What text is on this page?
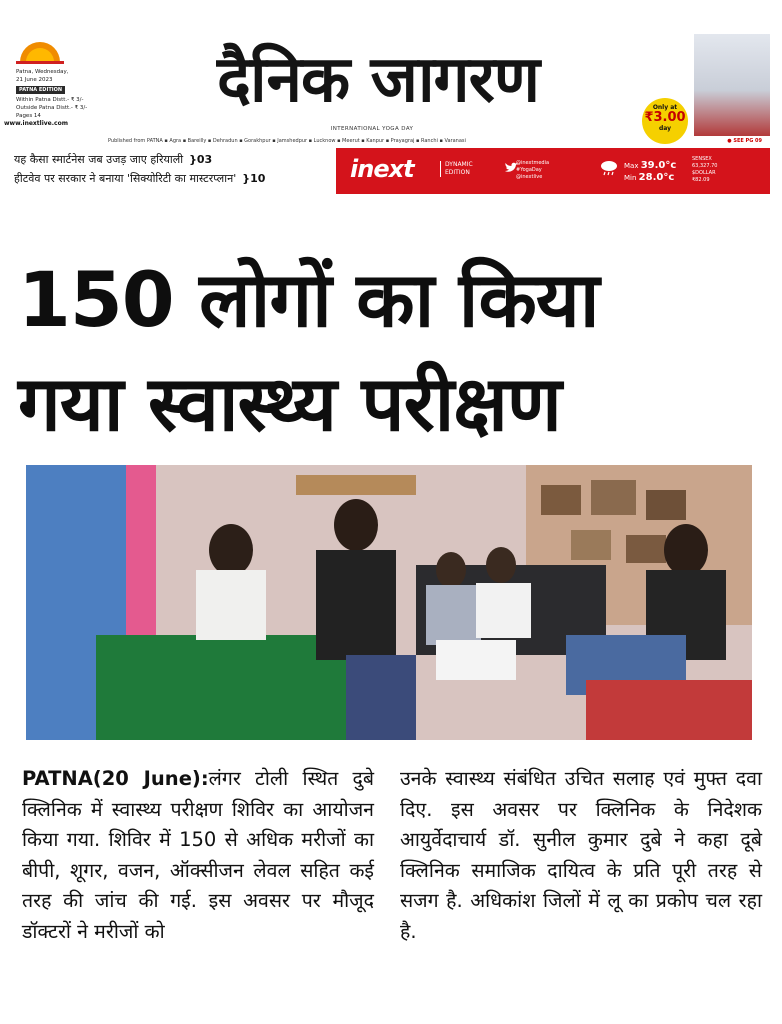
Patna, Wednesday,
21 June 2023
PATNA EDITION
Within Patna Distt.- ₹ 3/-
Outside Patna Distt.- ₹ 3/-
Pages 14	दैनिक जागरण
INTERNATIONAL YOGA DAY
Only at
₹3.00
day
www.inextlive.com
Published from PATNA ▪ Agra ▪ Bareilly ▪ Dehradun ▪ Gorakhpur ▪ Jamshedpur ▪ Lucknow ▪ Meerut ▪ Kanpur ▪ Prayagraj ▪ Ranchi ▪ Varanasi	● SEE PG 09
यह कैसा स्मार्टनेस जब उजड़ जाए हरियाली }03
हीटवेव पर सरकार ने बनाया 'सिक्योरिटी का मास्टरप्लान' }10	inext	DYNAMIC
EDITION
@inextmedia
#YogaDay
@inextlive
Max 39.0°c
Min 28.0°c
SENSEX
63,327.70
$DOLLAR
₹82.09
150 लोगों का किया
गया स्वास्थ्य परीक्षण
PATNA(20 June):लंगर टोली स्थित दुबे क्लिनिक में स्वास्थ्य परीक्षण शिविर का आयोजन किया गया. शिविर में 150 से अधिक मरीजों का बीपी, शूगर, वजन, ऑक्सीजन लेवल सहित कई तरह की जांच की गई. इस अवसर पर मौजूद डॉक्टरों ने मरीजों को
उनके स्वास्थ्य संबंधित उचित सलाह एवं मुफ्त दवा दिए. इस अवसर पर क्लिनिक के निदेशक आयुर्वेदाचार्य डॉ. सुनील कुमार दुबे ने कहा दूबे क्लिनिक समाजिक दायित्व के प्रति पूरी तरह से सजग है. अधिकांश जिलों में लू का प्रकोप चल रहा है.
